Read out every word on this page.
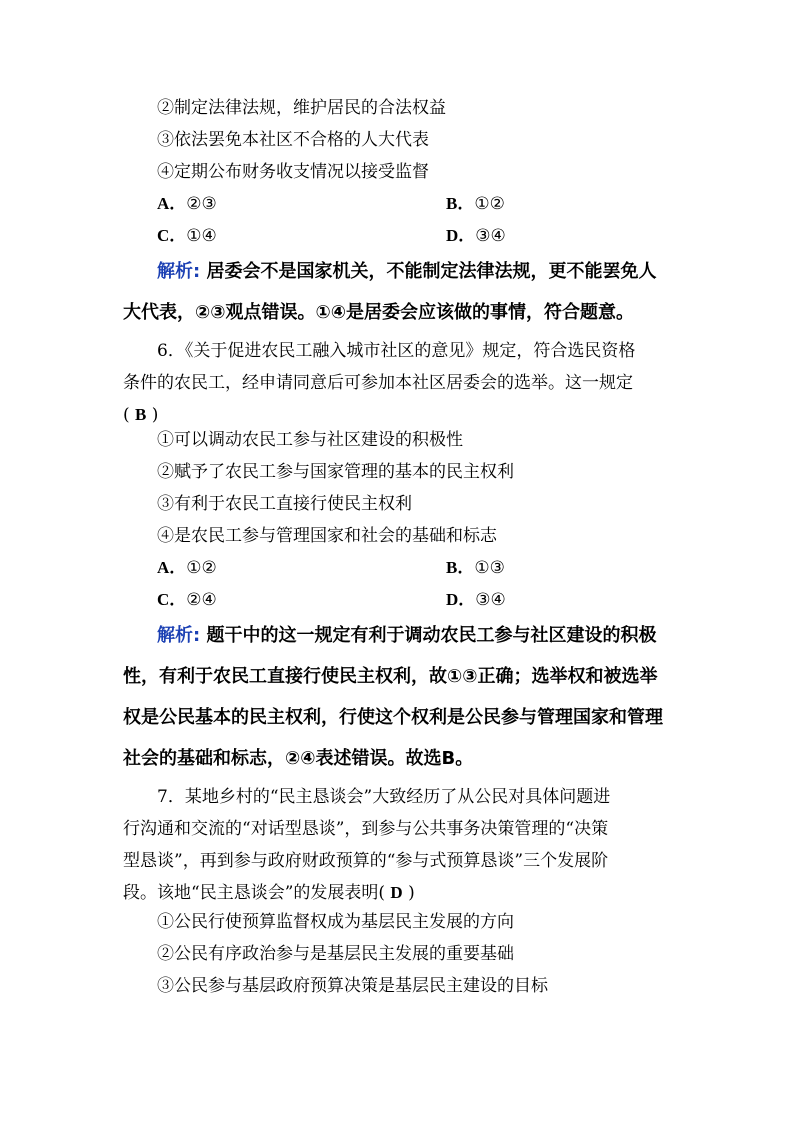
②制定法律法规，维护居民的合法权益
③依法罢免本社区不合格的人大代表
④定期公布财务收支情况以接受监督
A．②③	B．①②
C．①④	D．③④
解析: 居委会不是国家机关，不能制定法律法规，更不能罢免人
大代表，②③观点错误。①④是居委会应该做的事情，符合题意。
6．《关于促进农民工融入城市社区的意见》规定，符合选民资格
条件的农民工，经申请同意后可参加本社区居委会的选举。这一规定
( B )
①可以调动农民工参与社区建设的积极性
②赋予了农民工参与国家管理的基本的民主权利
③有利于农民工直接行使民主权利
④是农民工参与管理国家和社会的基础和标志
A．①②	B．①③
C．②④	D．③④
解析: 题干中的这一规定有利于调动农民工参与社区建设的积极
性，有利于农民工直接行使民主权利，故①③正确；选举权和被选举
权是公民基本的民主权利，行使这个权利是公民参与管理国家和管理
社会的基础和标志，②④表述错误。故选B。
7．某地乡村的“民主恳谈会”大致经历了从公民对具体问题进
行沟通和交流的“对话型恳谈”，到参与公共事务决策管理的“决策
型恳谈”，再到参与政府财政预算的“参与式预算恳谈”三个发展阶
段。该地“民主恳谈会”的发展表明( D )
①公民行使预算监督权成为基层民主发展的方向
②公民有序政治参与是基层民主发展的重要基础
③公民参与基层政府预算决策是基层民主建设的目标
